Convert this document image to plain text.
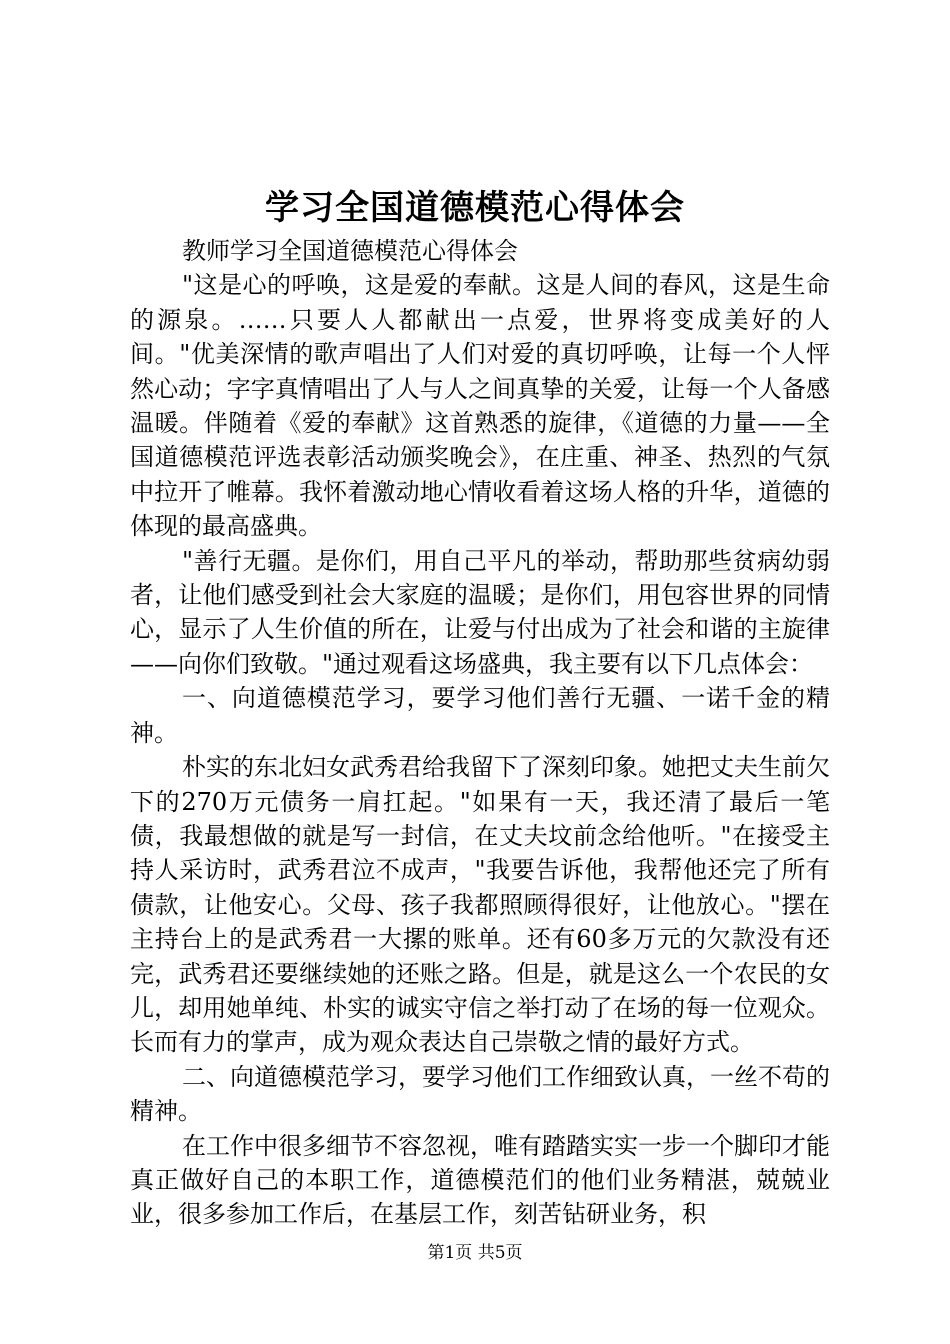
学习全国道德模范心得体会

教师学习全国道德模范心得体会

"这是心的呼唤，这是爱的奉献。这是人间的春风，这是生命的源泉。……只要人人都献出一点爱，世界将变成美好的人间。"优美深情的歌声唱出了人们对爱的真切呼唤，让每一个人怦然心动；字字真情唱出了人与人之间真挚的关爱，让每一个人备感温暖。伴随着《爱的奉献》这首熟悉的旋律，《道德的力量——全国道德模范评选表彰活动颁奖晚会》，在庄重、神圣、热烈的气氛中拉开了帷幕。我怀着激动地心情收看着这场人格的升华，道德的体现的最高盛典。

"善行无疆。是你们，用自己平凡的举动，帮助那些贫病幼弱者，让他们感受到社会大家庭的温暖；是你们，用包容世界的同情心，显示了人生价值的所在，让爱与付出成为了社会和谐的主旋律——向你们致敬。"通过观看这场盛典，我主要有以下几点体会：

一、向道德模范学习，要学习他们善行无疆、一诺千金的精神。

朴实的东北妇女武秀君给我留下了深刻印象。她把丈夫生前欠下的270万元债务一肩扛起。"如果有一天，我还清了最后一笔债，我最想做的就是写一封信，在丈夫坟前念给他听。"在接受主持人采访时，武秀君泣不成声，"我要告诉他，我帮他还完了所有债款，让他安心。父母、孩子我都照顾得很好，让他放心。"摆在主持台上的是武秀君一大摞的账单。还有60多万元的欠款没有还完，武秀君还要继续她的还账之路。但是，就是这么一个农民的女儿，却用她单纯、朴实的诚实守信之举打动了在场的每一位观众。长而有力的掌声，成为观众表达自己崇敬之情的最好方式。

二、向道德模范学习，要学习他们工作细致认真，一丝不苟的精神。

在工作中很多细节不容忽视，唯有踏踏实实一步一个脚印才能真正做好自己的本职工作，道德模范们的他们业务精湛，兢兢业业，很多参加工作后，在基层工作，刻苦钻研业务，积

第1页 共5页
